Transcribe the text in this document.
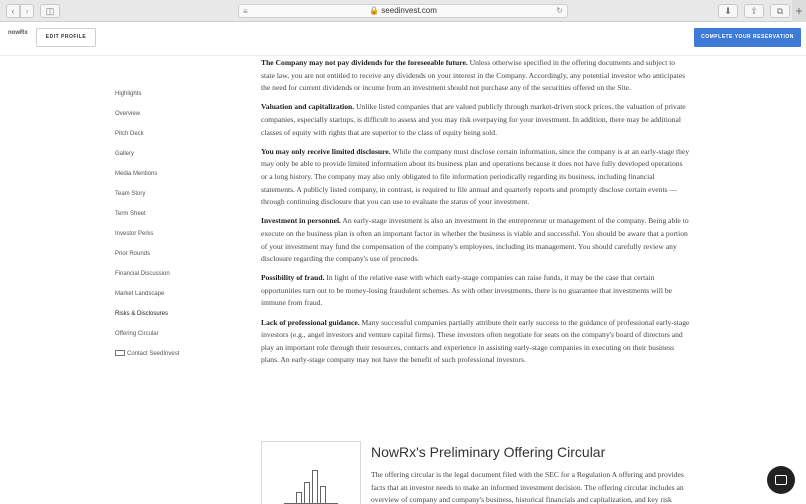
‹ › ◫	≡	🔒 seedinvest.com	↻	⬇ ⇧ ⧉ +
nowRx
EDIT PROFILE	COMPLETE YOUR RESERVATION
Highlights
Overview
Pitch Deck
Gallery
Media Mentions
Team Story
Term Sheet
Investor Perks
Prior Rounds
Financial Discussion
Market Landscape
Risks & Disclosures
Offering Circular
Contact SeedInvest

The Company may not pay dividends for the foreseeable future. Unless otherwise specified in the offering documents and subject to state law, you are not entitled to receive any dividends on your interest in the Company. Accordingly, any potential investor who anticipates the need for current dividends or income from an investment should not purchase any of the securities offered on the Site.

Valuation and capitalization. Unlike listed companies that are valued publicly through market-driven stock prices, the valuation of private companies, especially startups, is difficult to assess and you may risk overpaying for your investment. In addition, there may be additional classes of equity with rights that are superior to the class of equity being sold.

You may only receive limited disclosure. While the company must disclose certain information, since the company is at an early-stage they may only be able to provide limited information about its business plan and operations because it does not have fully developed operations or a long history. The company may also only obligated to file information periodically regarding its business, including financial statements. A publicly listed company, in contrast, is required to file annual and quarterly reports and promptly disclose certain events — through continuing disclosure that you can use to evaluate the status of your investment.

Investment in personnel. An early-stage investment is also an investment in the entrepreneur or management of the company. Being able to execute on the business plan is often an important factor in whether the business is viable and successful. You should be aware that a portion of your investment may fund the compensation of the company's employees, including its management. You should carefully review any disclosure regarding the company's use of proceeds.

Possibility of fraud. In light of the relative ease with which early-stage companies can raise funds, it may be the case that certain opportunities turn out to be money-losing fraudulent schemes. As with other investments, there is no guarantee that investments will be immune from fraud.

Lack of professional guidance. Many successful companies partially attribute their early success to the guidance of professional early-stage investors (e.g., angel investors and venture capital firms). These investors often negotiate for seats on the company's board of directors and play an important role through their resources, contacts and experience in assisting early-stage companies in executing on their business plans. An early-stage company may not have the benefit of such professional investors.

NowRx's Preliminary Offering Circular
The offering circular is the legal document filed with the SEC for a Regulation A offering and provides facts that an investor needs to make an informed investment decision. The offering circular includes an overview of company and company's business, historical financials and capitalization, and key risk
